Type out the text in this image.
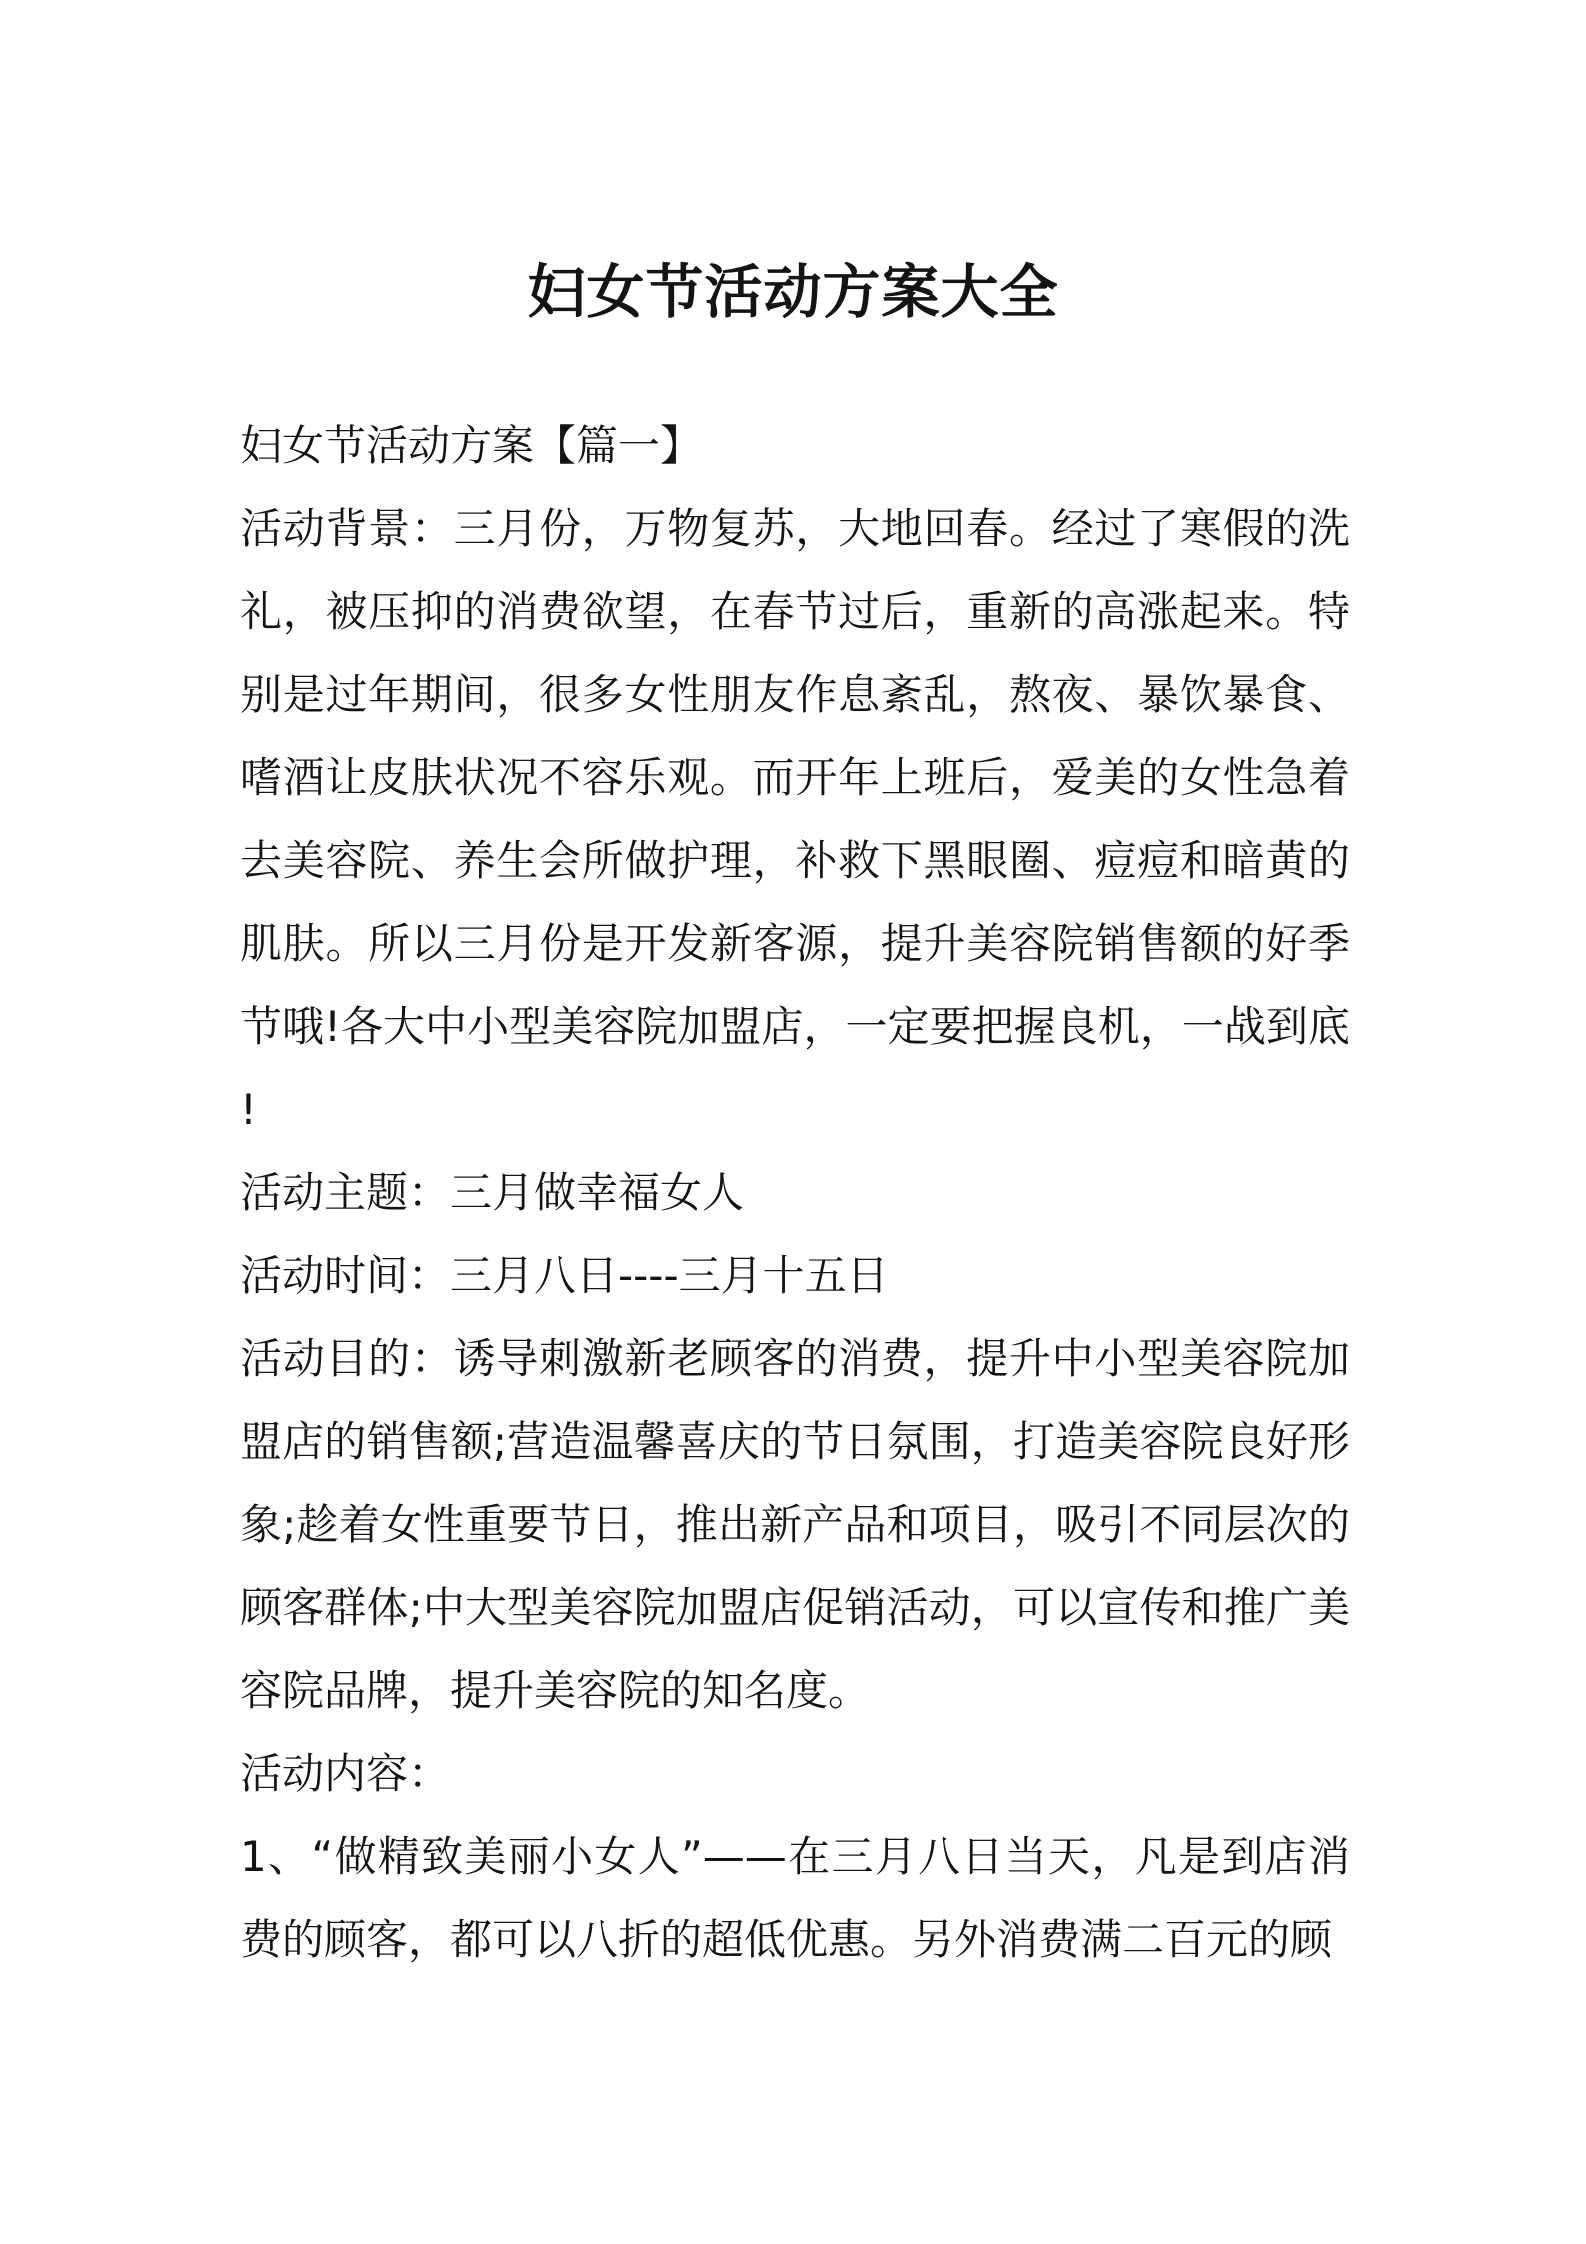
妇女节活动方案大全

妇女节活动方案【篇一】

活动背景：三月份，万物复苏，大地回春。经过了寒假的洗礼，被压抑的消费欲望，在春节过后，重新的高涨起来。特别是过年期间，很多女性朋友作息紊乱，熬夜、暴饮暴食、嗜酒让皮肤状况不容乐观。而开年上班后，爱美的女性急着去美容院、养生会所做护理，补救下黑眼圈、痘痘和暗黄的肌肤。所以三月份是开发新客源，提升美容院销售额的好季节哦!各大中小型美容院加盟店，一定要把握良机，一战到底!

活动主题：三月做幸福女人

活动时间：三月八日----三月十五日

活动目的：诱导刺激新老顾客的消费，提升中小型美容院加盟店的销售额;营造温馨喜庆的节日氛围，打造美容院良好形象;趁着女性重要节日，推出新产品和项目，吸引不同层次的顾客群体;中大型美容院加盟店促销活动，可以宣传和推广美容院品牌，提升美容院的知名度。

活动内容：

1、“做精致美丽小女人”——在三月八日当天，凡是到店消费的顾客，都可以八折的超低优惠。另外消费满二百元的顾
